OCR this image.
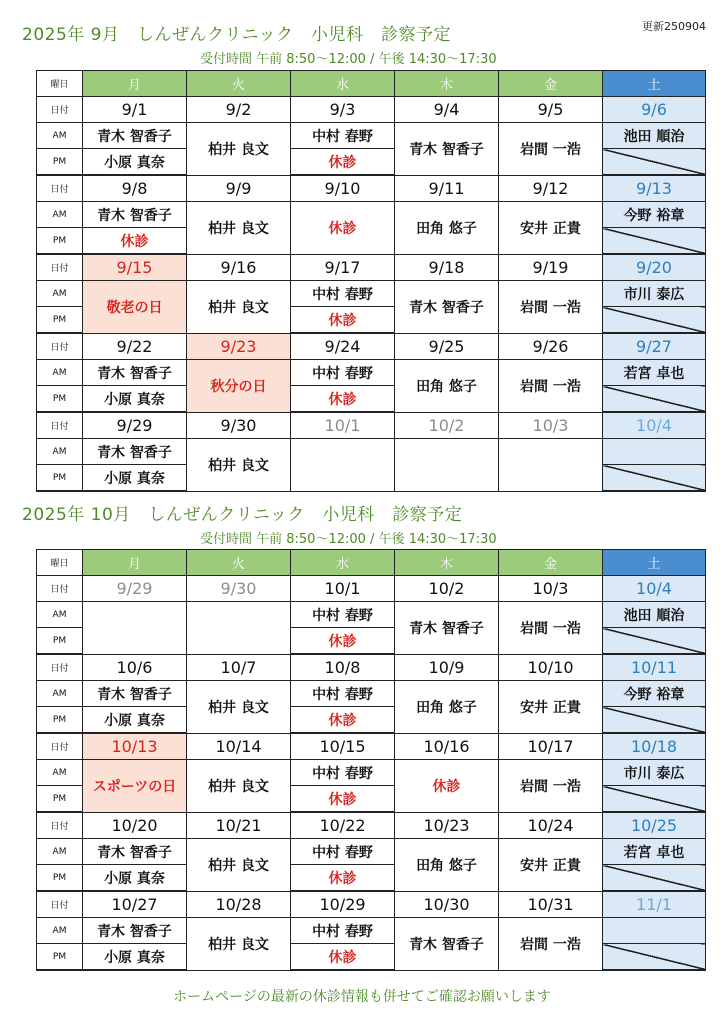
更新250904
2025年 9月　しんぜんクリニック　小児科　診察予定
受付時間 午前 8:50～12:00 / 午後 14:30～17:30
曜日	月	火	水	木	金	土
日付	9/1	9/2	9/3	9/4	9/5	9/6
AM	青木 智香子	柏井 良文	中村 春野	青木 智香子	岩間 一浩	池田 順治
PM	小原 真奈		休診			
日付	9/8	9/9	9/10	9/11	9/12	9/13
AM	青木 智香子	柏井 良文	休診	田角 悠子	安井 正貴	今野 裕章
PM	休診					
日付	9/15	9/16	9/17	9/18	9/19	9/20
AM	敬老の日	柏井 良文	中村 春野	青木 智香子	岩間 一浩	市川 泰広
PM			休診			
日付	9/22	9/23	9/24	9/25	9/26	9/27
AM	青木 智香子	秋分の日	中村 春野	田角 悠子	岩間 一浩	若宮 卓也
PM	小原 真奈		休診			
日付	9/29	9/30	10/1	10/2	10/3	10/4
AM	青木 智香子	柏井 良文				
PM	小原 真奈					
2025年 10月　しんぜんクリニック　小児科　診察予定
受付時間 午前 8:50～12:00 / 午後 14:30～17:30
曜日	月	火	水	木	金	土
日付	9/29	9/30	10/1	10/2	10/3	10/4
AM			中村 春野	青木 智香子	岩間 一浩	池田 順治
PM			休診			
日付	10/6	10/7	10/8	10/9	10/10	10/11
AM	青木 智香子	柏井 良文	中村 春野	田角 悠子	安井 正貴	今野 裕章
PM	小原 真奈		休診			
日付	10/13	10/14	10/15	10/16	10/17	10/18
AM	スポーツの日	柏井 良文	中村 春野	休診	岩間 一浩	市川 泰広
PM			休診			
日付	10/20	10/21	10/22	10/23	10/24	10/25
AM	青木 智香子	柏井 良文	中村 春野	田角 悠子	安井 正貴	若宮 卓也
PM	小原 真奈		休診			
日付	10/27	10/28	10/29	10/30	10/31	11/1
AM	青木 智香子	柏井 良文	中村 春野	青木 智香子	岩間 一浩	
PM	小原 真奈		休診			
ホームページの最新の休診情報も併せてご確認お願いします
